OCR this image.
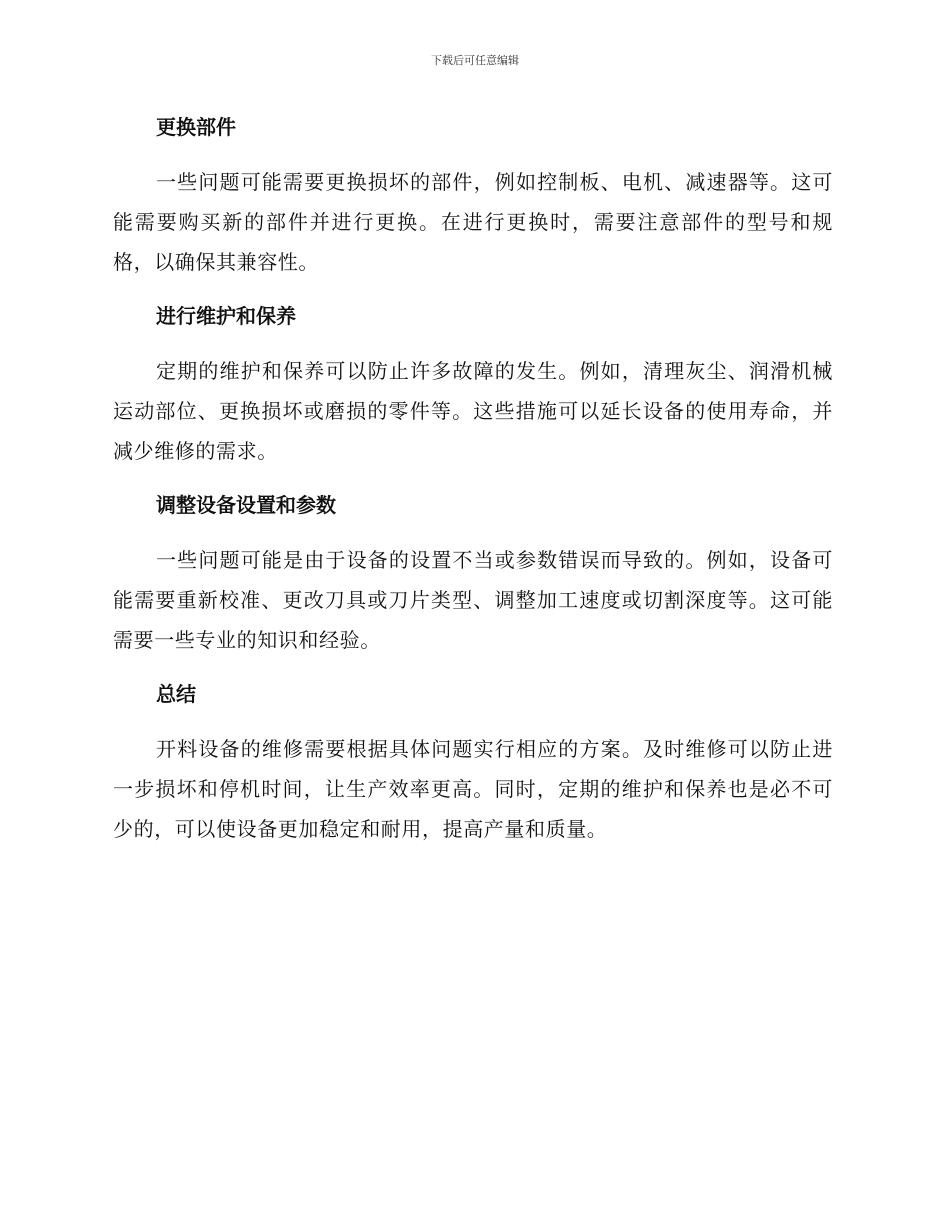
下载后可任意编辑
更换部件

一些问题可能需要更换损坏的部件，例如控制板、电机、减速器等。这可能需要购买新的部件并进行更换。在进行更换时，需要注意部件的型号和规格，以确保其兼容性。

进行维护和保养

定期的维护和保养可以防止许多故障的发生。例如，清理灰尘、润滑机械运动部位、更换损坏或磨损的零件等。这些措施可以延长设备的使用寿命，并减少维修的需求。

调整设备设置和参数

一些问题可能是由于设备的设置不当或参数错误而导致的。例如，设备可能需要重新校准、更改刀具或刀片类型、调整加工速度或切割深度等。这可能需要一些专业的知识和经验。

总结

开料设备的维修需要根据具体问题实行相应的方案。及时维修可以防止进一步损坏和停机时间，让生产效率更高。同时，定期的维护和保养也是必不可少的，可以使设备更加稳定和耐用，提高产量和质量。
